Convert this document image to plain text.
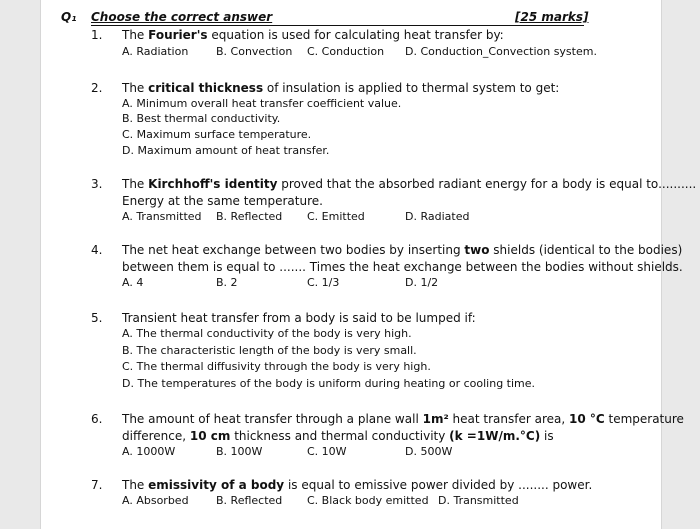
Q₁ Choose the correct answer	[25 marks]
1. The Fourier's equation is used for calculating heat transfer by:
A. Radiation	B. Convection C. Conduction D. Conduction_Convection system.
2. The critical thickness of insulation is applied to thermal system to get:
A. Minimum overall heat transfer coefficient value.
B. Best thermal conductivity.
C. Maximum surface temperature.
D. Maximum amount of heat transfer.
3. The Kirchhoff's identity proved that the absorbed radiant energy for a body is equal to..........
Energy at the same temperature.
A. Transmitted B. Reflected C. Emitted	D. Radiated
4. The net heat exchange between two bodies by inserting two shields (identical to the bodies)
between them is equal to ....... Times the heat exchange between the bodies without shields.
A. 4	B. 2	C. 1/3	D. 1/2
5. Transient heat transfer from a body is said to be lumped if:
A. The thermal conductivity of the body is very high.
B. The characteristic length of the body is very small.
C. The thermal diffusivity through the body is very high.
D. The temperatures of the body is uniform during heating or cooling time.
6. The amount of heat transfer through a plane wall 1m² heat transfer area, 10 °C temperature
difference, 10 cm thickness and thermal conductivity (k =1W/m.°C) is
A. 1000W	B. 100W	C. 10W	D. 500W
7. The emissivity of a body is equal to emissive power divided by ........ power.
A. Absorbed B. Reflected C. Black body emitted D. Transmitted
